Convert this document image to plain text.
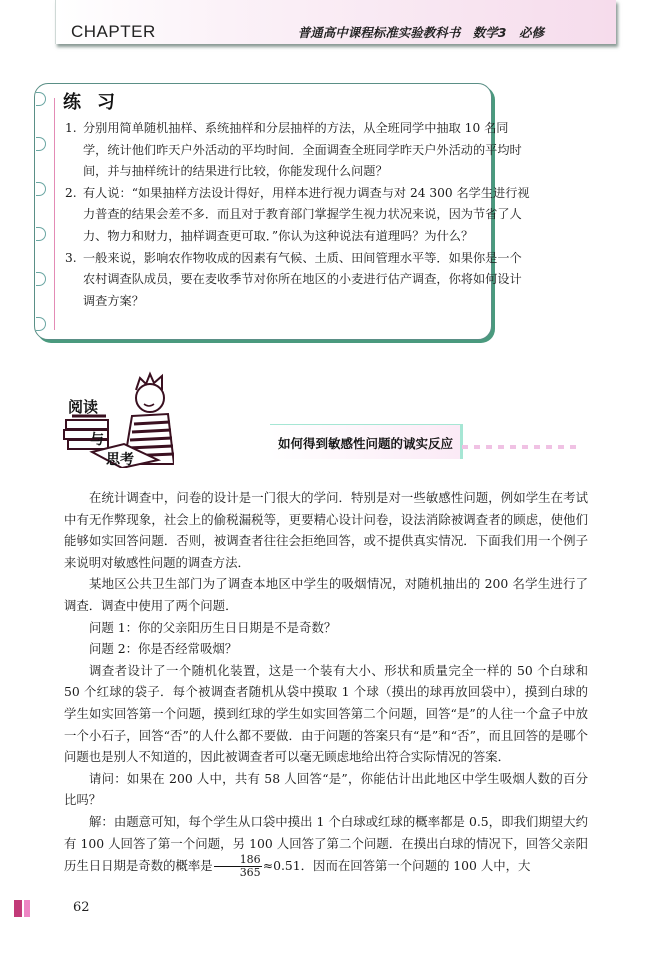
CHAPTER	普通高中课程标准实验教科书　数学3　必修
练习
1. 分别用简单随机抽样、系统抽样和分层抽样的方法，从全班同学中抽取 10 名同学，统计他们昨天户外活动的平均时间．全面调查全班同学昨天户外活动的平均时间，并与抽样统计的结果进行比较，你能发现什么问题？
2. 有人说：“如果抽样方法设计得好，用样本进行视力调查与对 24 300 名学生进行视力普查的结果会差不多．而且对于教育部门掌握学生视力状况来说，因为节省了人力、物力和财力，抽样调查更可取．”你认为这种说法有道理吗？为什么？
3. 一般来说，影响农作物收成的因素有气候、土质、田间管理水平等．如果你是一个农村调查队成员，要在麦收季节对你所在地区的小麦进行估产调查，你将如何设计调查方案？
阅读
与
思考
如何得到敏感性问题的诚实反应

在统计调查中，问卷的设计是一门很大的学问．特别是对一些敏感性问题，例如学生在考试中有无作弊现象，社会上的偷税漏税等，更要精心设计问卷，设法消除被调查者的顾虑，使他们能够如实回答问题．否则，被调查者往往会拒绝回答，或不提供真实情况．下面我们用一个例子来说明对敏感性问题的调查方法．

某地区公共卫生部门为了调查本地区中学生的吸烟情况，对随机抽出的 200 名学生进行了调查．调查中使用了两个问题．

问题 1：你的父亲阳历生日日期是不是奇数？

问题 2：你是否经常吸烟？

调查者设计了一个随机化装置，这是一个装有大小、形状和质量完全一样的 50 个白球和 50 个红球的袋子．每个被调查者随机从袋中摸取 1 个球（摸出的球再放回袋中），摸到白球的学生如实回答第一个问题，摸到红球的学生如实回答第二个问题，回答“是”的人往一个盒子中放一个小石子，回答“否”的人什么都不要做．由于问题的答案只有“是”和“否”，而且回答的是哪个问题也是别人不知道的，因此被调查者可以毫无顾虑地给出符合实际情况的答案．

请问：如果在 200 人中，共有 58 人回答“是”，你能估计出此地区中学生吸烟人数的百分比吗？

解：由题意可知，每个学生从口袋中摸出 1 个白球或红球的概率都是 0.5，即我们期望大约有 100 人回答了第一个问题，另 100 人回答了第二个问题．在摸出白球的情况下，回答父亲阳历生日日期是奇数的概率是 $\frac{186}{365} \approx 0.51$．因而在回答第一个问题的 100 人中，大

62
